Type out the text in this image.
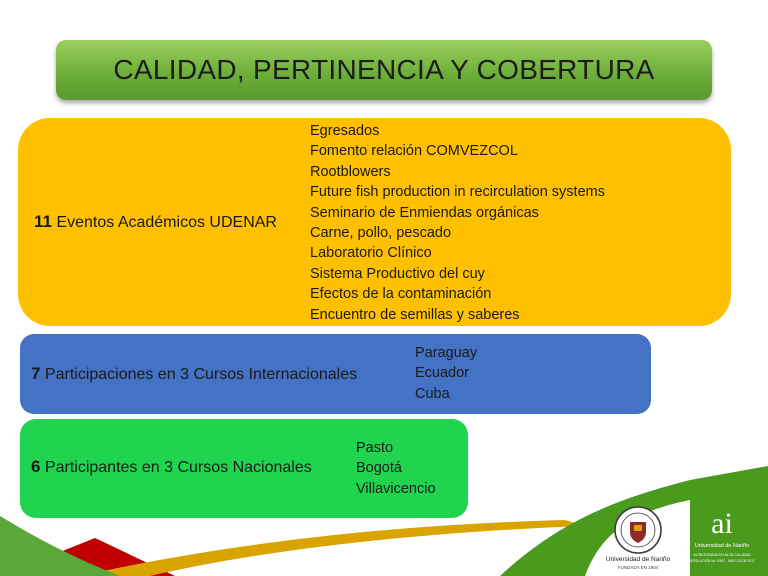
CALIDAD, PERTINENCIA Y COBERTURA
11 Eventos Académicos UDENAR
Egresados
Fomento relación COMVEZCOL
Rootblowers
Future fish production in recirculation systems
Seminario de Enmiendas orgánicas
Carne, pollo, pescado
Laboratorio Clínico
Sistema Productivo del cuy
Efectos de la contaminación
Encuentro de semillas y saberes
7 Participaciones en 3 Cursos Internacionales
Paraguay
Ecuador
Cuba
6 Participantes en 3 Cursos Nacionales
Pasto
Bogotá
Villavicencio
Universidad de Nariño
FUNDADA EN 1904
ai
Universidad de Nariño
ACREDITADA EN ALTA CALIDAD
RESOLUCIÓN No 10567 - MAYO 23 DE 2017
